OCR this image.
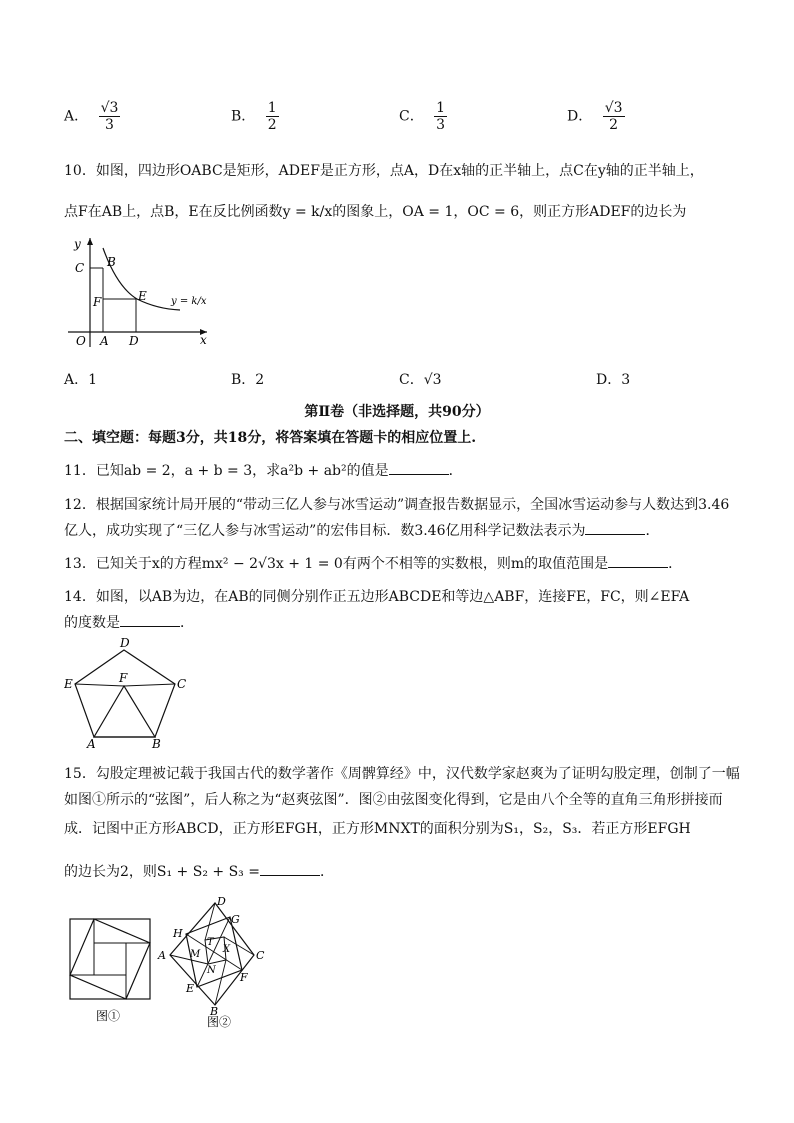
A． $\frac{√3}{3}$	B． $\frac{1}{2}$	C． $\frac{1}{3}$	D． $\frac{√3}{2}$
10．如图，四边形OABC是矩形，ADEF是正方形，点A，D在x轴的正半轴上，点C在y轴的正半轴上，
点F在AB上，点B，E在反比例函数y = k/x的图象上，OA = 1，OC = 6，则正方形ADEF的边长为
y
C B
F	E y = k/x
O A D	x
A．1	B．2	C．√3	D．3
第Ⅱ卷（非选择题，共90分）
二、填空题：每题3分，共18分，将答案填在答题卡的相应位置上.
11．已知ab = 2，a + b = 3，求a²b + ab²的值是	．
12．根据国家统计局开展的“带动三亿人参与冰雪运动”调查报告数据显示，全国冰雪运动参与人数达到3.46
亿人，成功实现了“三亿人参与冰雪运动”的宏伟目标．数3.46亿用科学记数法表示为	．
13．已知关于x的方程mx² − 2√3x + 1 = 0有两个不相等的实数根，则m的取值范围是	．
14．如图，以AB为边，在AB的同侧分别作正五边形ABCDE和等边△ABF，连接FE，FC，则∠EFA
的度数是	．
D
E	F	C
A	B
15．勾股定理被记载于我国古代的数学著作《周髀算经》中，汉代数学家赵爽为了证明勾股定理，创制了一幅
如图①所示的“弦图”，后人称之为“赵爽弦图”．图②由弦图变化得到，它是由八个全等的直角三角形拼接而
成．记图中正方形ABCD，正方形EFGH，正方形MNXT的面积分别为S₁，S₂，S₃．若正方形EFGH
的边长为2，则S₁ + S₂ + S₃ =	．
图①
D
G
H
T
X
M
A
N
C
F
E
B
图②
